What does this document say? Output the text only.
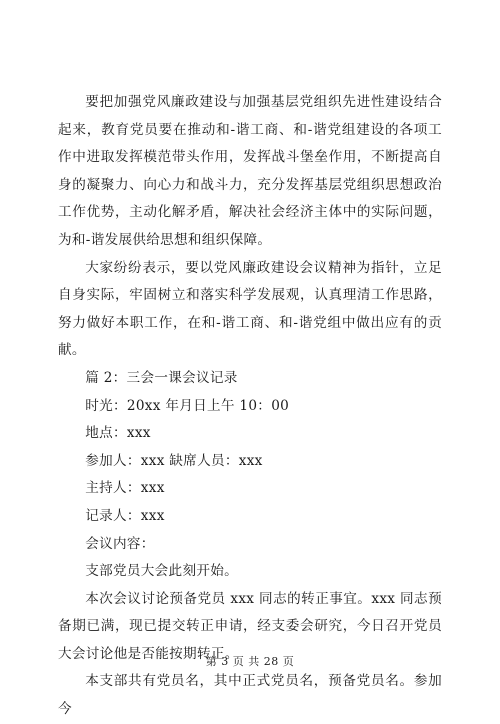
要把加强党风廉政建设与加强基层党组织先进性建设结合起来，教育党员要在推动和-谐工商、和-谐党组建设的各项工作中进取发挥模范带头作用，发挥战斗堡垒作用，不断提高自身的凝聚力、向心力和战斗力，充分发挥基层党组织思想政治工作优势，主动化解矛盾，解决社会经济主体中的实际问题，为和-谐发展供给思想和组织保障。

大家纷纷表示，要以党风廉政建设会议精神为指针，立足自身实际，牢固树立和落实科学发展观，认真理清工作思路，努力做好本职工作，在和-谐工商、和-谐党组中做出应有的贡献。

篇 2：三会一课会议记录

时光：20xx 年月日上午 10：00

地点：xxx

参加人：xxx 缺席人员：xxx

主持人：xxx

记录人：xxx

会议内容：

支部党员大会此刻开始。

本次会议讨论预备党员 xxx 同志的转正事宜。xxx 同志预备期已满，现已提交转正申请，经支委会研究，今日召开党员大会讨论他是否能按期转正。

本支部共有党员名，其中正式党员名，预备党员名。参加今

第 3 页 共 28 页
